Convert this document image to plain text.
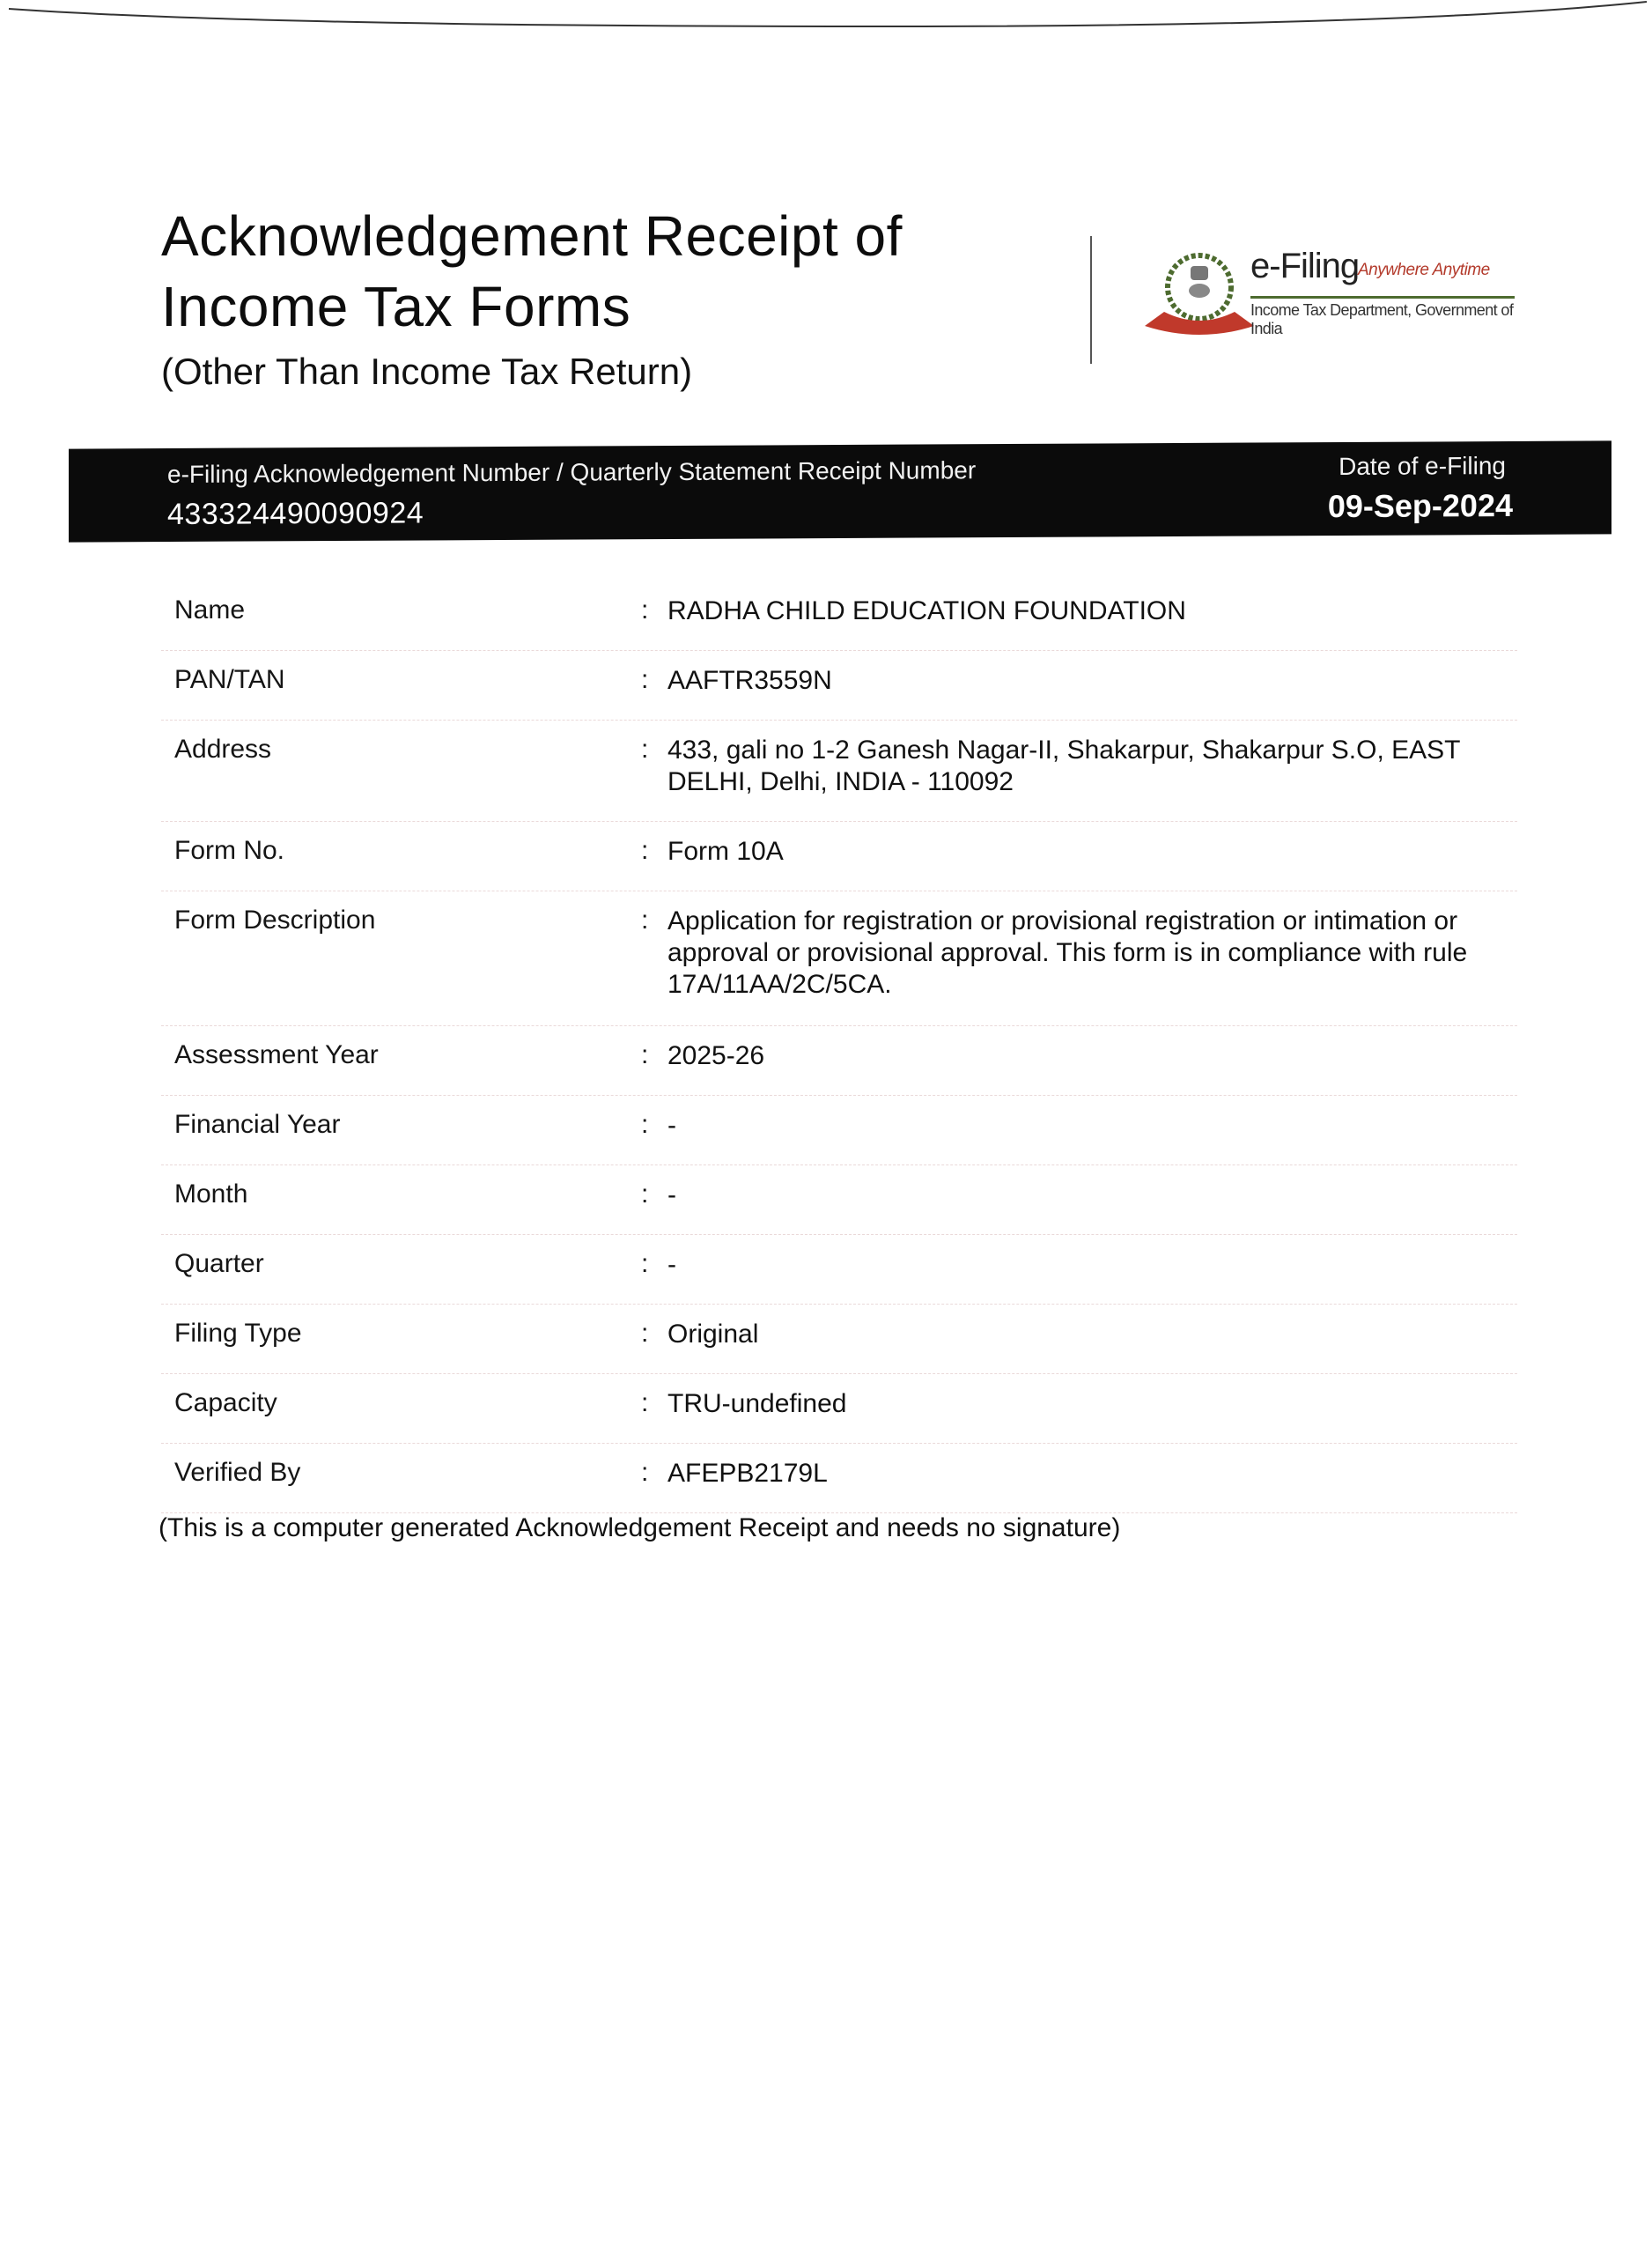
Acknowledgement Receipt of
Income Tax Forms
(Other Than Income Tax Return)
e-Filing
Anywhere Anytime
Income Tax Department, Government of India
e-Filing Acknowledgement Number / Quarterly Statement Receipt Number
433324490090924
Date of e-Filing
09-Sep-2024
Name	: RADHA CHILD EDUCATION FOUNDATION
PAN/TAN	: AAFTR3559N
Address	: 433, gali no 1-2 Ganesh Nagar-II, Shakarpur, Shakarpur S.O, EAST DELHI, Delhi, INDIA - 110092
Form No.	: Form 10A
Form Description	: Application for registration or provisional registration or intimation or approval or provisional approval. This form is in compliance with rule 17A/11AA/2C/5CA.
Assessment Year	: 2025-26
Financial Year	: -
Month	: -
Quarter	: -
Filing Type	: Original
Capacity	: TRU-undefined
Verified By	: AFEPB2179L
(This is a computer generated Acknowledgement Receipt and needs no signature)
